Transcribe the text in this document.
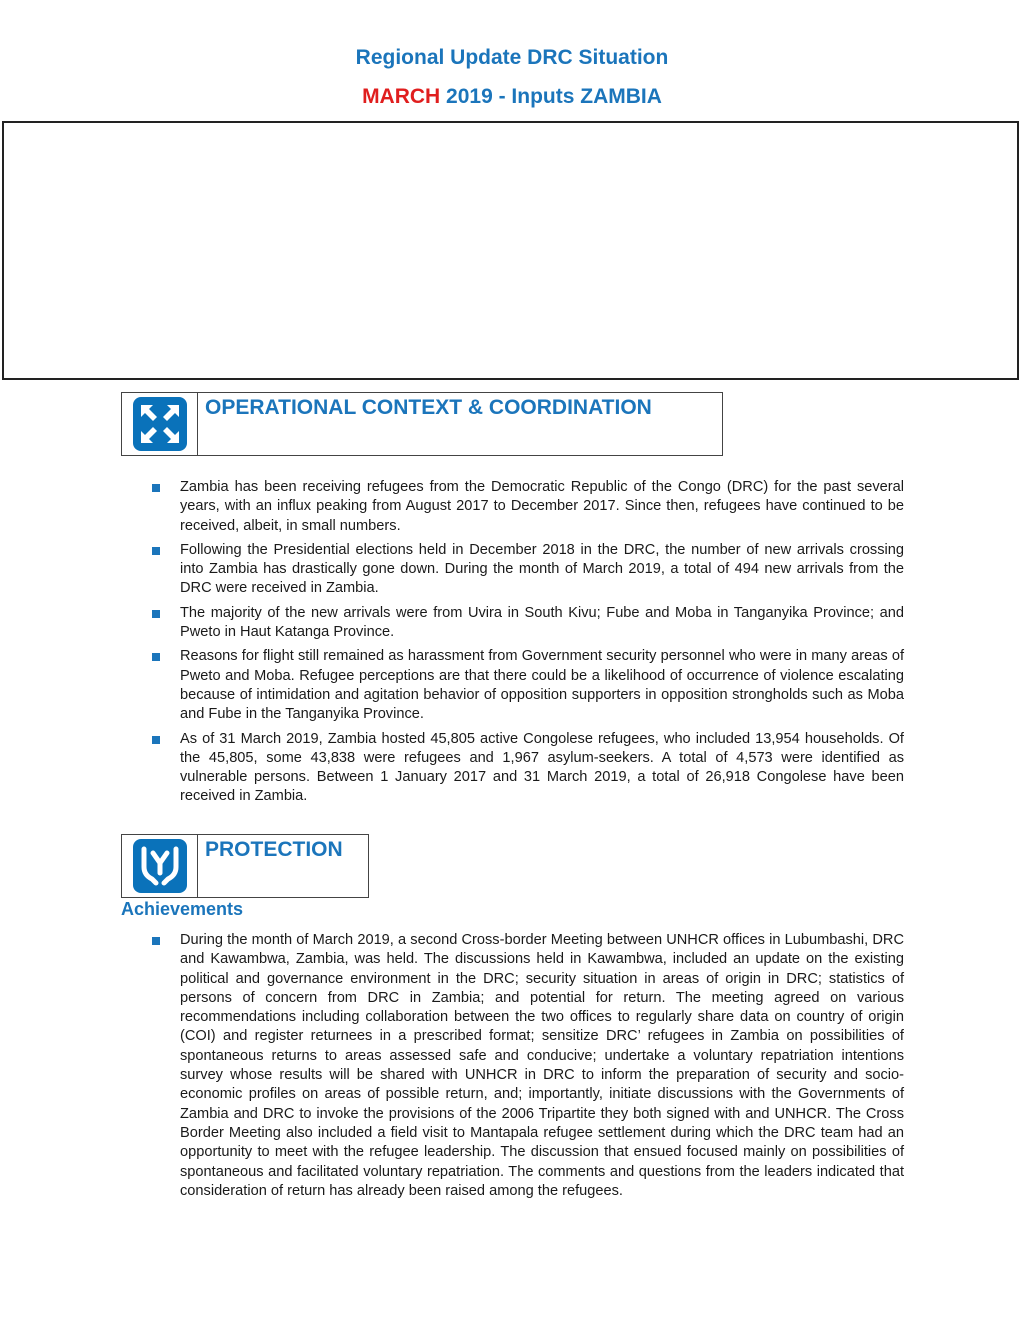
Regional Update DRC Situation
MARCH 2019 - Inputs ZAMBIA
OPERATIONAL CONTEXT & COORDINATION
Zambia has been receiving refugees from the Democratic Republic of the Congo (DRC) for the past several years, with an influx peaking from August 2017 to December 2017. Since then, refugees have continued to be received, albeit, in small numbers.
Following the Presidential elections held in December 2018 in the DRC, the number of new arrivals crossing into Zambia has drastically gone down. During the month of March 2019, a total of 494 new arrivals from the DRC were received in Zambia.
The majority of the new arrivals were from Uvira in South Kivu; Fube and Moba in Tanganyika Province; and Pweto in Haut Katanga Province.
Reasons for flight still remained as harassment from Government security personnel who were in many areas of Pweto and Moba. Refugee perceptions are that there could be a likelihood of occurrence of violence escalating because of intimidation and agitation behavior of opposition supporters in opposition strongholds such as Moba and Fube in the Tanganyika Province.
As of 31 March 2019, Zambia hosted 45,805 active Congolese refugees, who included 13,954 households. Of the 45,805, some 43,838 were refugees and 1,967 asylum-seekers. A total of 4,573 were identified as vulnerable persons. Between 1 January 2017 and 31 March 2019, a total of 26,918 Congolese have been received in Zambia.
PROTECTION
Achievements
During the month of March 2019, a second Cross-border Meeting between UNHCR offices in Lubumbashi, DRC and Kawambwa, Zambia, was held. The discussions held in Kawambwa, included an update on the existing political and governance environment in the DRC; security situation in areas of origin in DRC; statistics of persons of concern from DRC in Zambia; and potential for return. The meeting agreed on various recommendations including collaboration between the two offices to regularly share data on country of origin (COI) and register returnees in a prescribed format; sensitize DRC’ refugees in Zambia on possibilities of spontaneous returns to areas assessed safe and conducive; undertake a voluntary repatriation intentions survey whose results will be shared with UNHCR in DRC to inform the preparation of security and socio-economic profiles on areas of possible return, and; importantly, initiate discussions with the Governments of Zambia and DRC to invoke the provisions of the 2006 Tripartite they both signed with and UNHCR. The Cross Border Meeting also included a field visit to Mantapala refugee settlement during which the DRC team had an opportunity to meet with the refugee leadership. The discussion that ensued focused mainly on possibilities of spontaneous and facilitated voluntary repatriation. The comments and questions from the leaders indicated that consideration of return has already been raised among the refugees.
